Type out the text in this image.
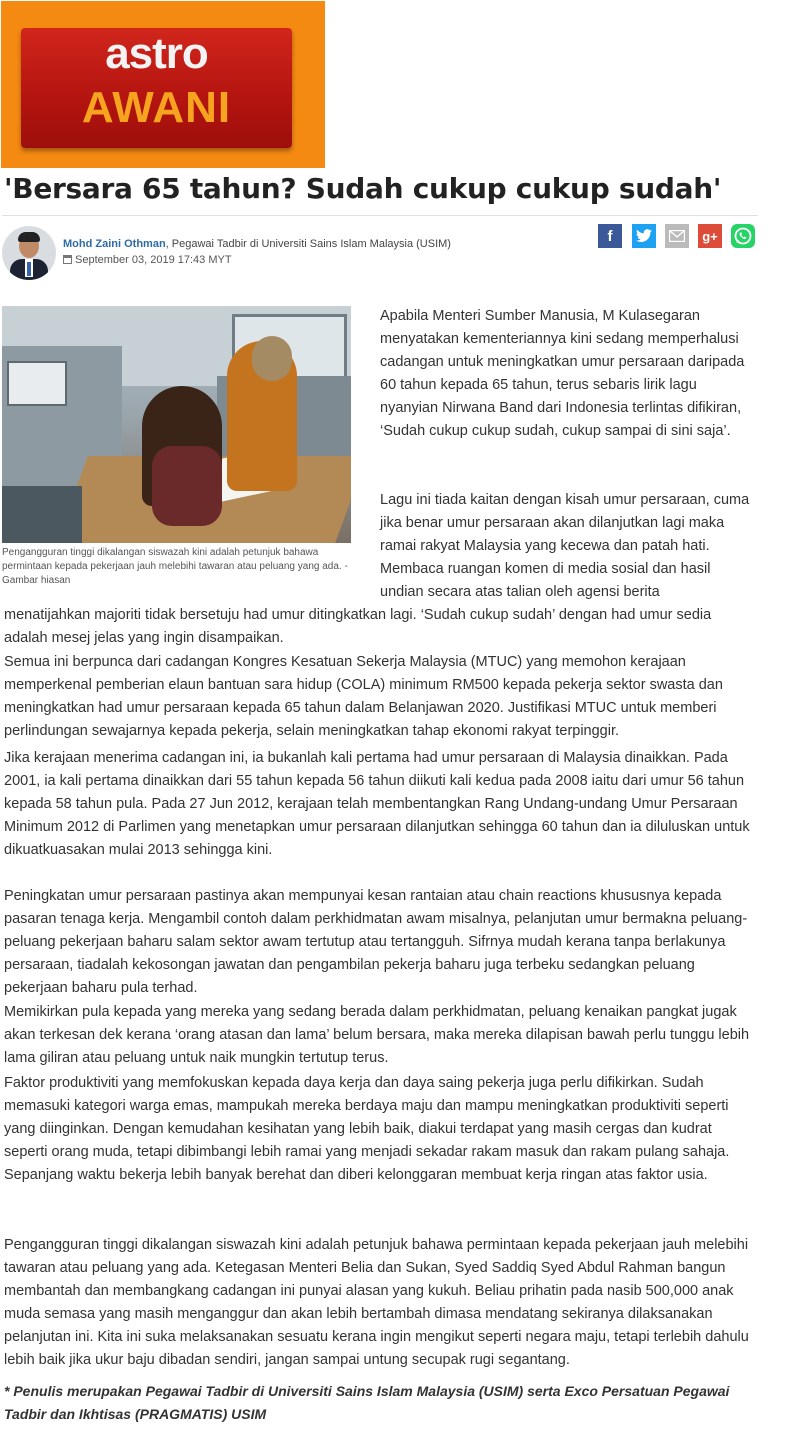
astro
AWANI
'Bersara 65 tahun? Sudah cukup cukup sudah'
Mohd Zaini Othman, Pegawai Tadbir di Universiti Sains Islam Malaysia (USIM)
September 03, 2019 17:43 MYT
f	g+
Pengangguran tinggi dikalangan siswazah kini adalah petunjuk bahawa permintaan kepada pekerjaan jauh melebihi tawaran atau peluang yang ada. - Gambar hiasan

Apabila Menteri Sumber Manusia, M Kulasegaran menyatakan kementeriannya kini sedang memperhalusi cadangan untuk meningkatkan umur persaraan daripada 60 tahun kepada 65 tahun, terus sebaris lirik lagu nyanyian Nirwana Band dari Indonesia terlintas difikiran, ‘Sudah cukup cukup sudah, cukup sampai di sini saja’.

Lagu ini tiada kaitan dengan kisah umur persaraan, cuma jika benar umur persaraan akan dilanjutkan lagi maka ramai rakyat Malaysia yang kecewa dan patah hati. Membaca ruangan komen di media sosial dan hasil undian secara atas talian oleh agensi berita

menatijahkan majoriti tidak bersetuju had umur ditingkatkan lagi. ‘Sudah cukup sudah’ dengan had umur sedia adalah mesej jelas yang ingin disampaikan.

Semua ini berpunca dari cadangan Kongres Kesatuan Sekerja Malaysia (MTUC) yang memohon kerajaan memperkenal pemberian elaun bantuan sara hidup (COLA) minimum RM500 kepada pekerja sektor swasta dan meningkatkan had umur persaraan kepada 65 tahun dalam Belanjawan 2020. Justifikasi MTUC untuk memberi perlindungan sewajarnya kepada pekerja, selain meningkatkan tahap ekonomi rakyat terpinggir.

Jika kerajaan menerima cadangan ini, ia bukanlah kali pertama had umur persaraan di Malaysia dinaikkan. Pada 2001, ia kali pertama dinaikkan dari 55 tahun kepada 56 tahun diikuti kali kedua pada 2008 iaitu dari umur 56 tahun kepada 58 tahun pula. Pada 27 Jun 2012, kerajaan telah membentangkan Rang Undang-undang Umur Persaraan Minimum 2012 di Parlimen yang menetapkan umur persaraan dilanjutkan sehingga 60 tahun dan ia diluluskan untuk dikuatkuasakan mulai 2013 sehingga kini.

Peningkatan umur persaraan pastinya akan mempunyai kesan rantaian atau chain reactions khususnya kepada pasaran tenaga kerja. Mengambil contoh dalam perkhidmatan awam misalnya, pelanjutan umur bermakna peluang-peluang pekerjaan baharu salam sektor awam tertutup atau tertangguh. Sifrnya mudah kerana tanpa berlakunya persaraan, tiadalah kekosongan jawatan dan pengambilan pekerja baharu juga terbeku sedangkan peluang pekerjaan baharu pula terhad.

Memikirkan pula kepada yang mereka yang sedang berada dalam perkhidmatan, peluang kenaikan pangkat jugak akan terkesan dek kerana ‘orang atasan dan lama’ belum bersara, maka mereka dilapisan bawah perlu tunggu lebih lama giliran atau peluang untuk naik mungkin tertutup terus.

Faktor produktiviti yang memfokuskan kepada daya kerja dan daya saing pekerja juga perlu difikirkan. Sudah memasuki kategori warga emas, mampukah mereka berdaya maju dan mampu meningkatkan produktiviti seperti yang diinginkan. Dengan kemudahan kesihatan yang lebih baik, diakui terdapat yang masih cergas dan kudrat seperti orang muda, tetapi dibimbangi lebih ramai yang menjadi sekadar rakam masuk dan rakam pulang sahaja. Sepanjang waktu bekerja lebih banyak berehat dan diberi kelonggaran membuat kerja ringan atas faktor usia.

Pengangguran tinggi dikalangan siswazah kini adalah petunjuk bahawa permintaan kepada pekerjaan jauh melebihi tawaran atau peluang yang ada. Ketegasan Menteri Belia dan Sukan, Syed Saddiq Syed Abdul Rahman bangun membantah dan membangkang cadangan ini punyai alasan yang kukuh. Beliau prihatin pada nasib 500,000 anak muda semasa yang masih menganggur dan akan lebih bertambah dimasa mendatang sekiranya dilaksanakan pelanjutan ini. Kita ini suka melaksanakan sesuatu kerana ingin mengikut seperti negara maju, tetapi terlebih dahulu lebih baik jika ukur baju dibadan sendiri, jangan sampai untung secupak rugi segantang.

* Penulis merupakan Pegawai Tadbir di Universiti Sains Islam Malaysia (USIM) serta Exco Persatuan Pegawai Tadbir dan Ikhtisas (PRAGMATIS) USIM
